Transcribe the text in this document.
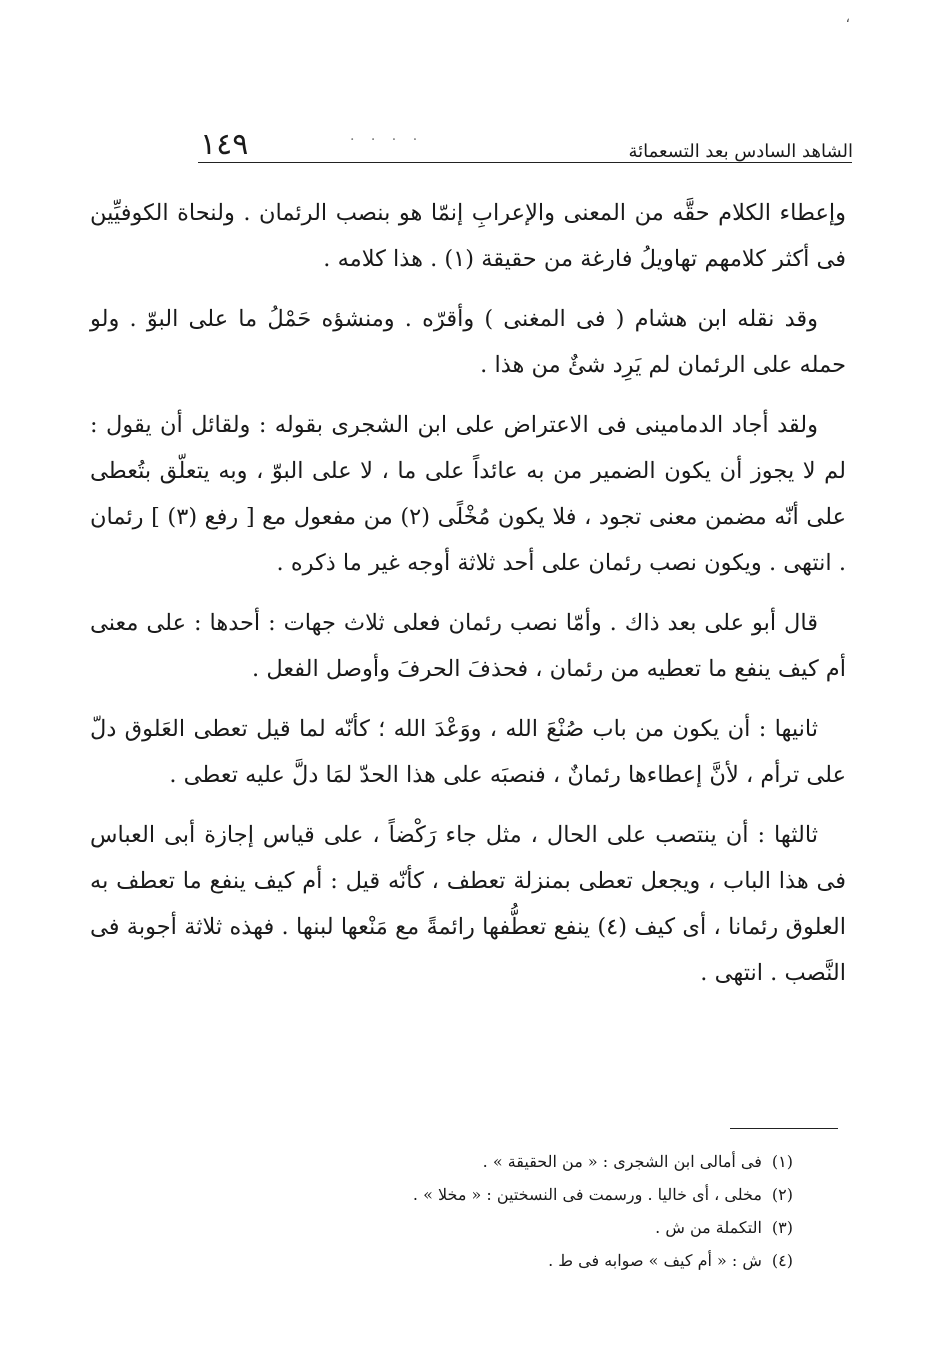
،
١٤٩	الشاهد السادس بعد التسعمائة
· · · ·

وإعطاء الكلام حقَّه من المعنى والإعرابِ إنمّا هو بنصب الرئمان . ولنحاة الكوفيِّين فى أكثر كلامهم تهاويلُ فارغة من حقيقة (١) . هذا كلامه .

وقد نقله ابن هشام ( فى المغنى ) وأقرّه . ومنشؤه حَمْلُ ما على البوّ . ولو حمله على الرئمان لم يَرِد شئٌ من هذا .

ولقد أجاد الدمامينى فى الاعتراض على ابن الشجرى بقوله : ولقائل أن يقول : لم لا يجوز أن يكون الضمير من به عائداً على ما ، لا على البوّ ، وبه يتعلّق بتُعطى على أنّه مضمن معنى تجود ، فلا يكون مُخْلًى (٢) من مفعول مع [ رفع (٣) ] رئمان . انتهى . ويكون نصب رئمان على أحد ثلاثة أوجه غير ما ذكره .

قال أبو على بعد ذاك . وأمّا نصب رئمان فعلى ثلاث جهات : أحدها : على معنى أم كيف ينفع ما تعطيه من رئمان ، فحذفَ الحرفَ وأوصل الفعل .

ثانيها : أن يكون من باب صُنْعَ الله ، ووَعْدَ الله ؛ كأنّه لما قيل تعطى العَلوق دلّ على ترأم ، لأنَّ إعطاءها رئمانٌ ، فنصبَه على هذا الحدّ لمَا دلَّ عليه تعطى .

ثالثها : أن ينتصب على الحال ، مثل جاء رَكْضاً ، على قياس إجازة أبى العباس فى هذا الباب ، ويجعل تعطى بمنزلة تعطف ، كأنّه قيل : أم كيف ينفع ما تعطف به العلوق رئمانا ، أى كيف (٤) ينفع تعطُّفها رائمةً مع مَنْعها لبنها . فهذه ثلاثة أجوبة فى النَّصب . انتهى .

(١)
فى أمالى ابن الشجرى : « من الحقيقة » .
(٢)
مخلى ، أى خاليا . ورسمت فى النسختين : « مخلا » .
(٣)
التكملة من ش .
(٤)
ش : « أم كيف » صوابه فى ط .
